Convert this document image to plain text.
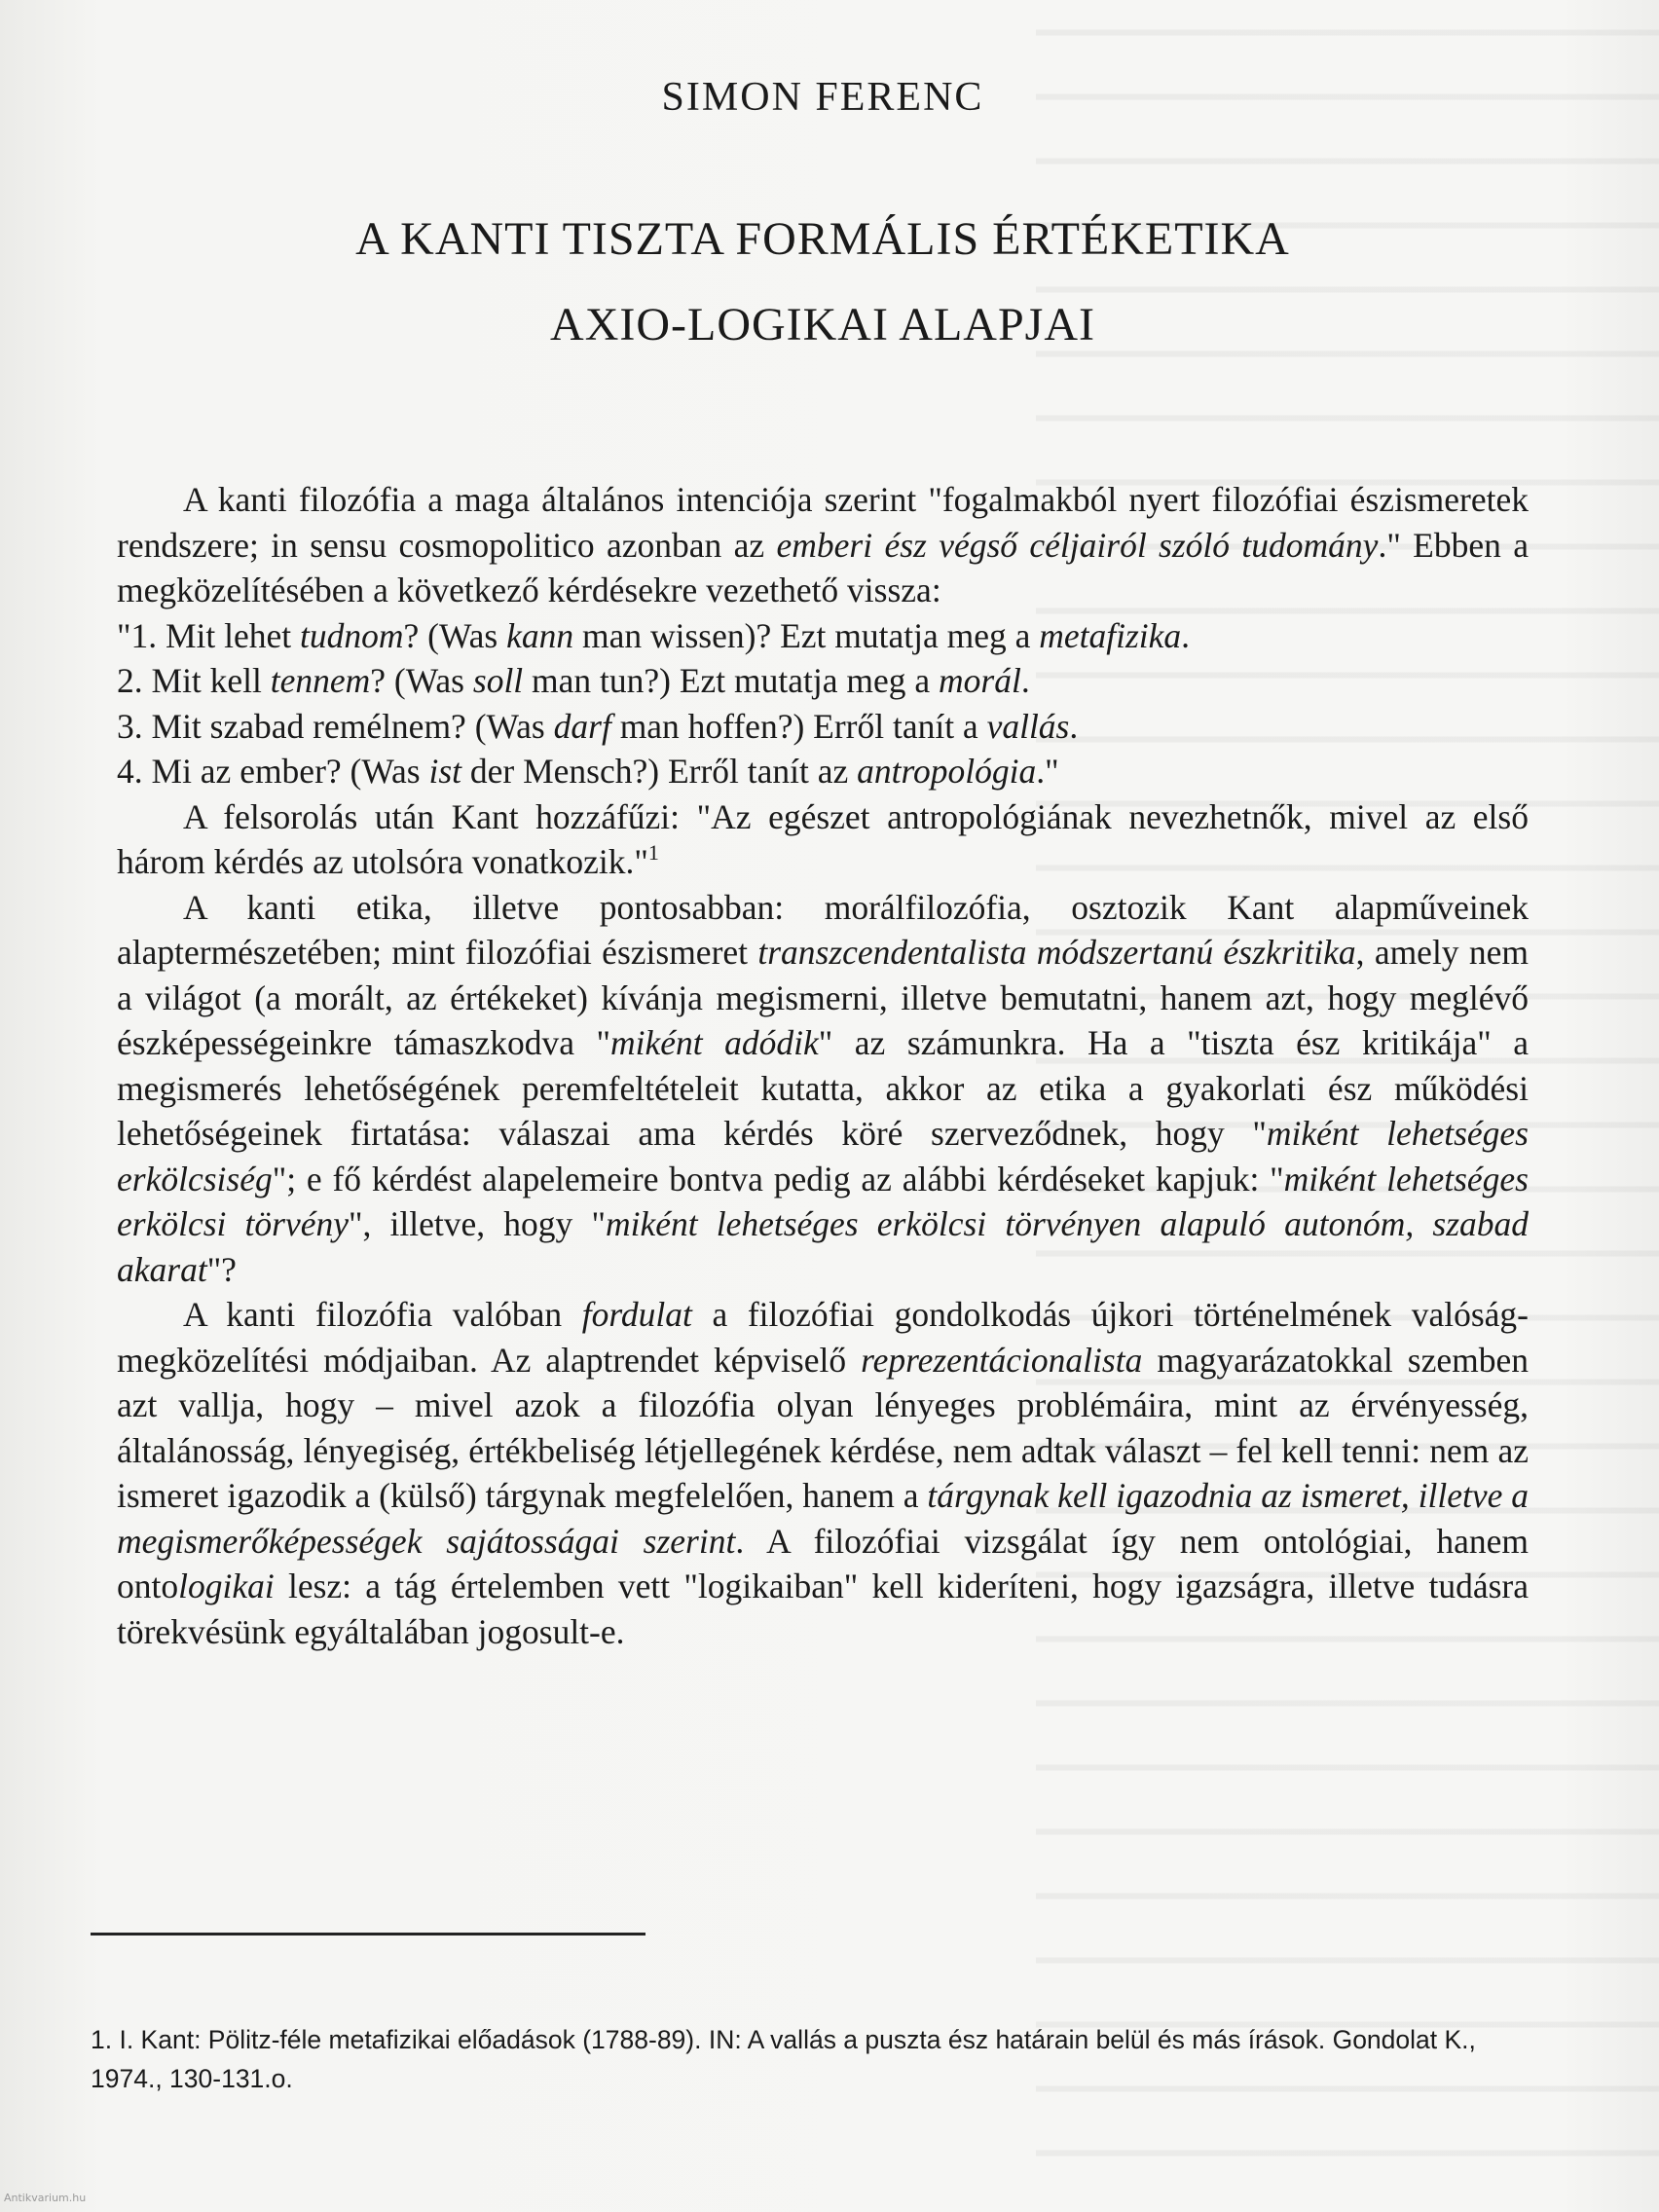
SIMON FERENC
A KANTI TISZTA FORMÁLIS ÉRTÉKETIKA
AXIO-LOGIKAI ALAPJAI

A kanti filozófia a maga általános intenciója szerint "fogalmakból nyert filozófiai észismeretek rendszere; in sensu cosmopolitico azonban az emberi ész végső céljairól szóló tudomány." Ebben a megközelítésében a következő kérdésekre vezethető vissza:

"1. Mit lehet tudnom? (Was kann man wissen)? Ezt mutatja meg a metafizika.
2. Mit kell tennem? (Was soll man tun?) Ezt mutatja meg a morál.
3. Mit szabad remélnem? (Was darf man hoffen?) Erről tanít a vallás.
4. Mi az ember? (Was ist der Mensch?) Erről tanít az antropológia."

A felsorolás után Kant hozzáfűzi: "Az egészet antropológiának nevezhetnők, mivel az első három kérdés az utolsóra vonatkozik."$^1$

A kanti etika, illetve pontosabban: morálfilozófia, osztozik Kant alapműveinek alaptermészetében; mint filozófiai észismeret transzcendentalista módszertanú észkritika, amely nem a világot (a morált, az értékeket) kívánja megismerni, illetve bemutatni, hanem azt, hogy meglévő észképességeinkre támaszkodva "miként adódik" az számunkra. Ha a "tiszta ész kritikája" a megismerés lehetőségének peremfeltételeit kutatta, akkor az etika a gyakorlati ész működési lehetőségeinek firtatása: válaszai ama kérdés köré szerveződnek, hogy "miként lehetséges erkölcsiség"; e fő kérdést alapelemeire bontva pedig az alábbi kérdéseket kapjuk: "miként lehetséges erkölcsi törvény", illetve, hogy "miként lehetséges erkölcsi törvényen alapuló autonóm, szabad akarat"?

A kanti filozófia valóban fordulat a filozófiai gondolkodás újkori történelmének valóság-megközelítési módjaiban. Az alaptrendet képviselő reprezentácionalista magyarázatokkal szemben azt vallja, hogy – mivel azok a filozófia olyan lényeges problémáira, mint az érvényesség, általánosság, lényegiség, értékbeliség létjellegének kérdése, nem adtak választ – fel kell tenni: nem az ismeret igazodik a (külső) tárgynak megfelelően, hanem a tárgynak kell igazodnia az ismeret, illetve a megismerőképességek sajátosságai szerint. A filozófiai vizsgálat így nem ontológiai, hanem ontologikai lesz: a tág értelemben vett "logikaiban" kell kideríteni, hogy igazságra, illetve tudásra törekvésünk egyáltalában jogosult-e.

1. I. Kant: Pölitz-féle metafizikai előadások (1788-89). IN: A vallás a puszta ész határain belül és más írások. Gondolat K., 1974., 130-131.o.
Antikvarium.hu
